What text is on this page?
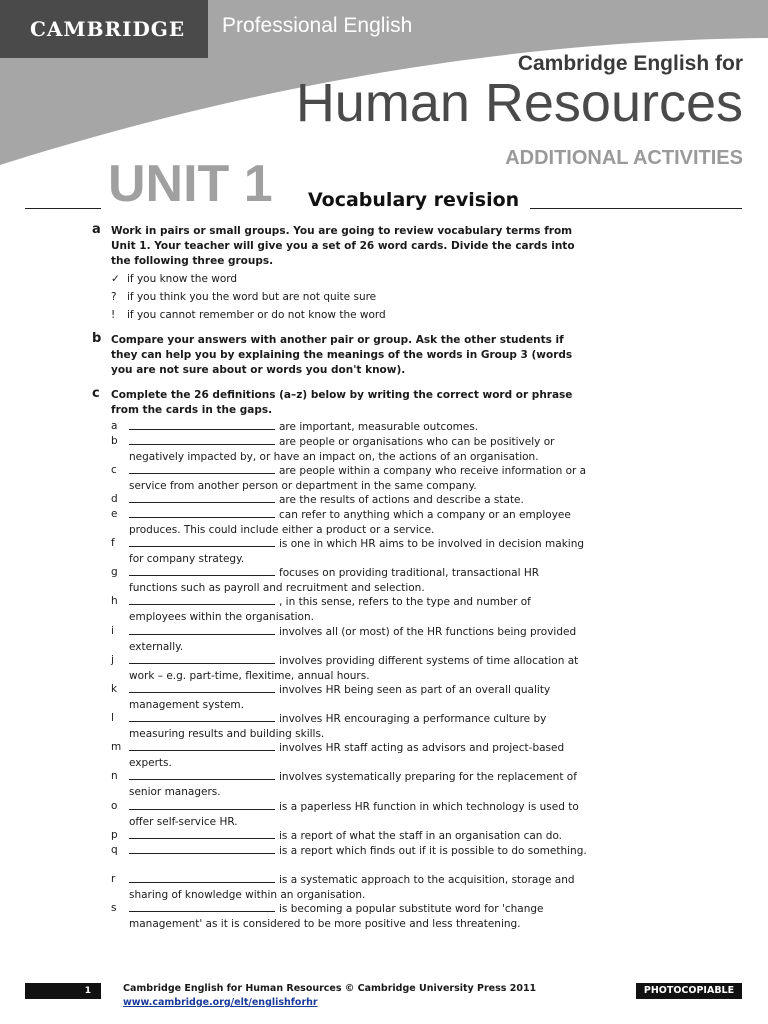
CAMBRIDGE Professional English
Cambridge English for
Human Resources
ADDITIONAL ACTIVITIES
UNIT 1 Vocabulary revision
a Work in pairs or small groups. You are going to review vocabulary terms from Unit 1. Your teacher will give you a set of 26 word cards. Divide the cards into the following three groups.
✓ if you know the word
? if you think you the word but are not quite sure
! if you cannot remember or do not know the word
b Compare your answers with another pair or group. Ask the other students if they can help you by explaining the meanings of the words in Group 3 (words you are not sure about or words you don't know).
c Complete the 26 definitions (a–z) below by writing the correct word or phrase from the cards in the gaps.
a	are important, measurable outcomes.
b	are people or organisations who can be positively or negatively impacted by, or have an impact on, the actions of an organisation.
c	are people within a company who receive information or a service from another person or department in the same company.
d	are the results of actions and describe a state.
e	can refer to anything which a company or an employee produces. This could include either a product or a service.
f	is one in which HR aims to be involved in decision making for company strategy.
g	focuses on providing traditional, transactional HR functions such as payroll and recruitment and selection.
h	, in this sense, refers to the type and number of employees within the organisation.
i	involves all (or most) of the HR functions being provided externally.
j	involves providing different systems of time allocation at work – e.g. part-time, flexitime, annual hours.
k	involves HR being seen as part of an overall quality management system.
l	involves HR encouraging a performance culture by measuring results and building skills.
m	involves HR staff acting as advisors and project-based experts.
n	involves systematically preparing for the replacement of senior managers.
o	is a paperless HR function in which technology is used to offer self-service HR.
p	is a report of what the staff in an organisation can do.
q	is a report which finds out if it is possible to do something.
r	is a systematic approach to the acquisition, storage and sharing of knowledge within an organisation.
s	is becoming a popular substitute word for 'change management' as it is considered to be more positive and less threatening.
1	Cambridge English for Human Resources © Cambridge University Press 2011
www.cambridge.org/elt/englishforhr
PHOTOCOPIABLE
